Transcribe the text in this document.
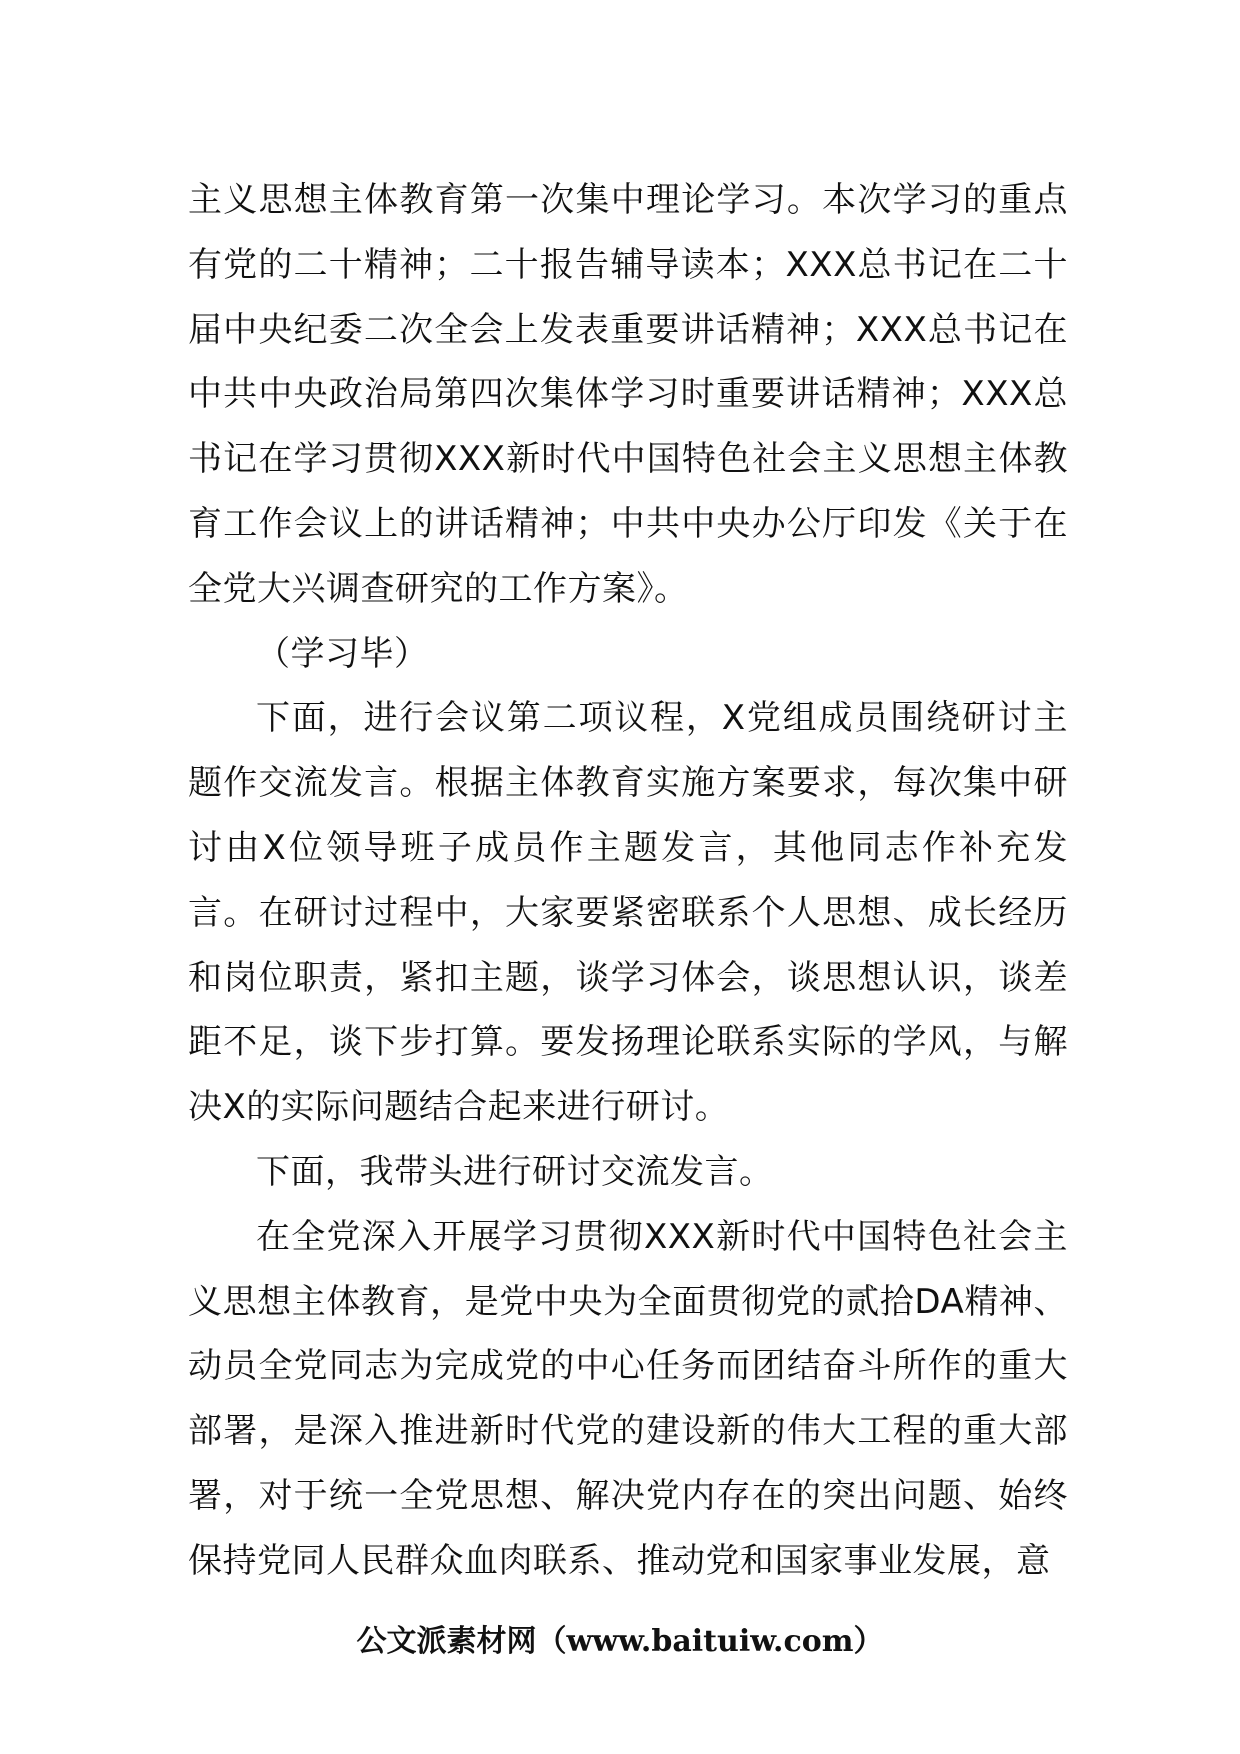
主义思想主体教育第一次集中理论学习。本次学习的重点有党的二十精神；二十报告辅导读本；XXX总书记在二十届中央纪委二次全会上发表重要讲话精神；XXX总书记在中共中央政治局第四次集体学习时重要讲话精神；XXX总书记在学习贯彻XXX新时代中国特色社会主义思想主体教育工作会议上的讲话精神；中共中央办公厅印发《关于在全党大兴调查研究的工作方案》。

（学习毕）

下面，进行会议第二项议程，X党组成员围绕研讨主题作交流发言。根据主体教育实施方案要求，每次集中研讨由X位领导班子成员作主题发言，其他同志作补充发言。在研讨过程中，大家要紧密联系个人思想、成长经历和岗位职责，紧扣主题，谈学习体会，谈思想认识，谈差距不足，谈下步打算。要发扬理论联系实际的学风，与解决X的实际问题结合起来进行研讨。

下面，我带头进行研讨交流发言。

在全党深入开展学习贯彻XXX新时代中国特色社会主义思想主体教育，是党中央为全面贯彻党的贰拾DA精神、动员全党同志为完成党的中心任务而团结奋斗所作的重大部署，是深入推进新时代党的建设新的伟大工程的重大部署，对于统一全党思想、解决党内存在的突出问题、始终保持党同人民群众血肉联系、推动党和国家事业发展，意

公文派素材网（www.baituiw.com）
